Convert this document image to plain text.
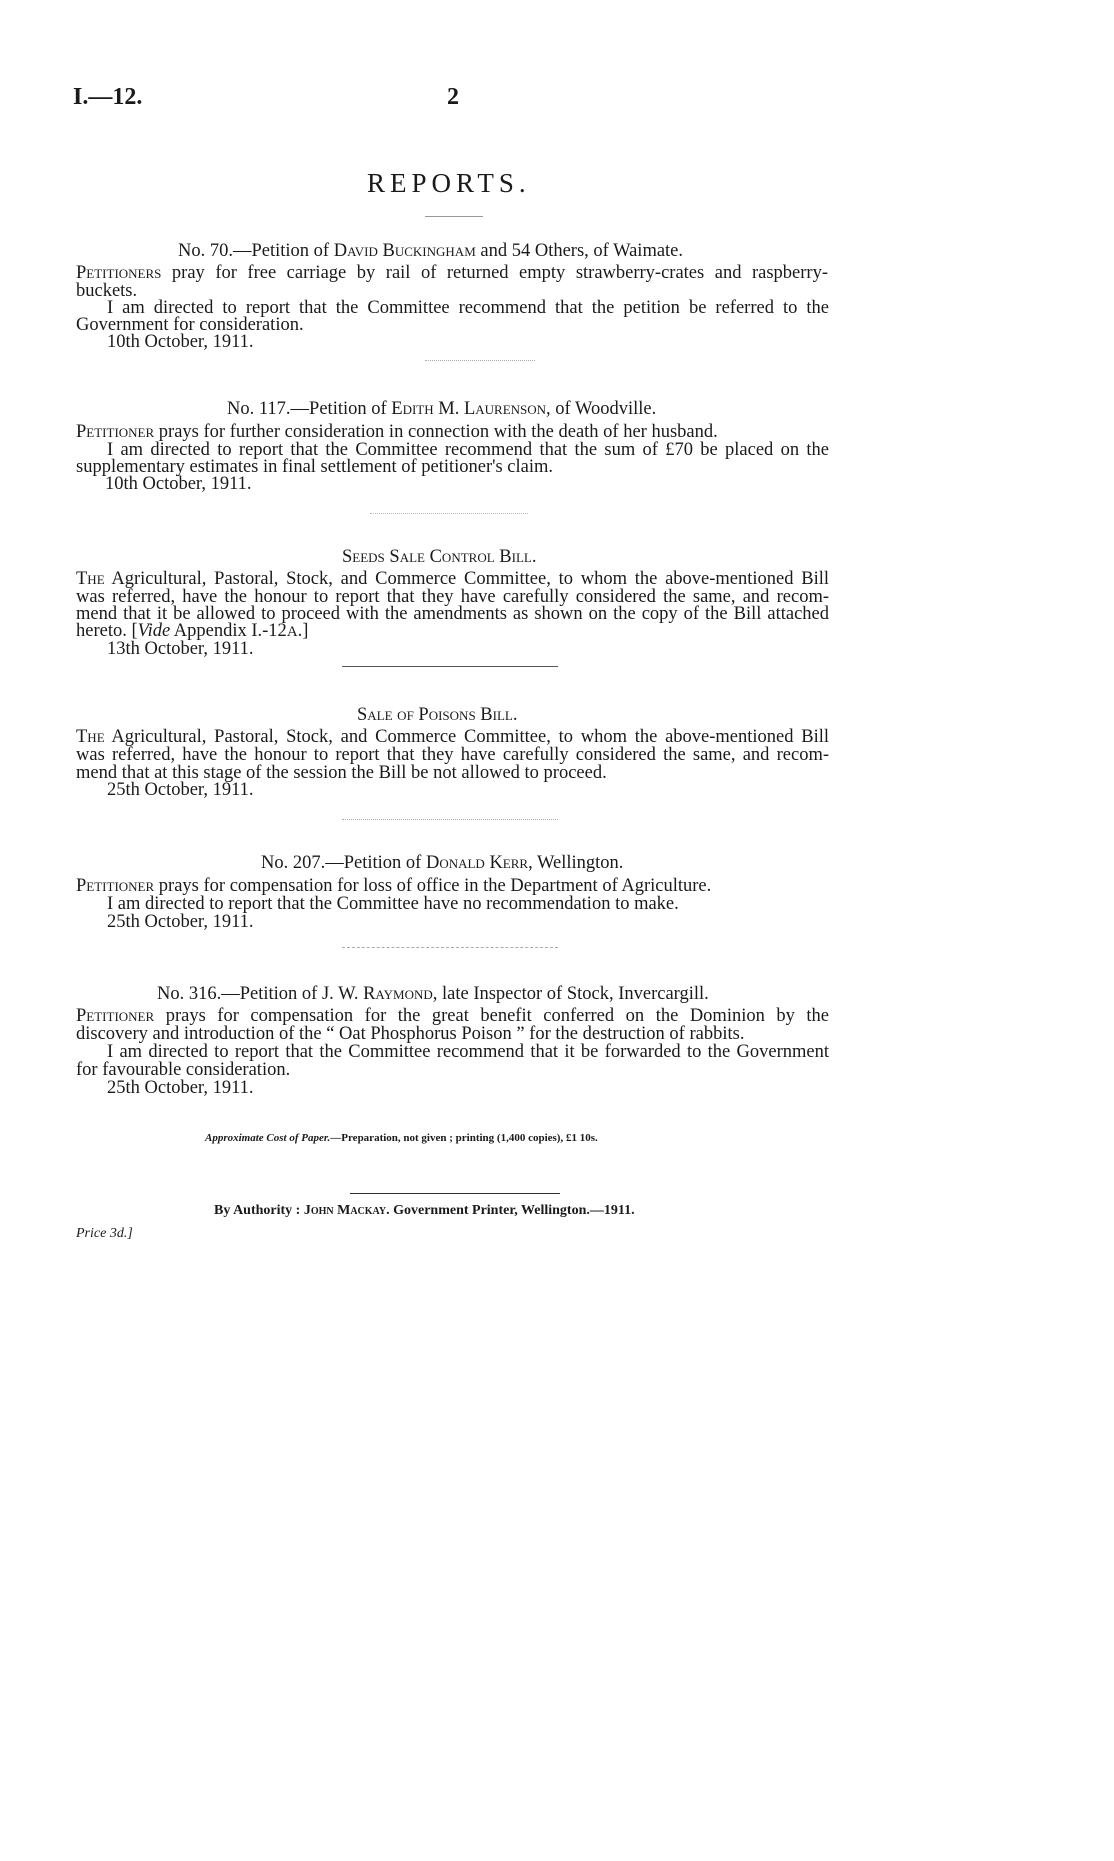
I.—12.	2
REPORTS.
No. 70.—Petition of David Buckingham and 54 Others, of Waimate.
Petitioners pray for free carriage by rail of returned empty strawberry-crates and raspberry-
buckets.
I am directed to report that the Committee recommend that the petition be referred to the
Government for consideration.
10th October, 1911.
No. 117.—Petition of Edith M. Laurenson, of Woodville.
Petitioner prays for further consideration in connection with the death of her husband.
I am directed to report that the Committee recommend that the sum of £70 be placed on the
supplementary estimates in final settlement of petitioner's claim.
10th October, 1911.
Seeds Sale Control Bill.
The Agricultural, Pastoral, Stock, and Commerce Committee, to whom the above-mentioned Bill
was referred, have the honour to report that they have carefully considered the same, and recom-
mend that it be allowed to proceed with the amendments as shown on the copy of the Bill attached
hereto. [Vide Appendix I.-12A.]
13th October, 1911.
Sale of Poisons Bill.
The Agricultural, Pastoral, Stock, and Commerce Committee, to whom the above-mentioned Bill
was referred, have the honour to report that they have carefully considered the same, and recom-
mend that at this stage of the session the Bill be not allowed to proceed.
25th October, 1911.
No. 207.—Petition of Donald Kerr, Wellington.
Petitioner prays for compensation for loss of office in the Department of Agriculture.
I am directed to report that the Committee have no recommendation to make.
25th October, 1911.
No. 316.—Petition of J. W. Raymond, late Inspector of Stock, Invercargill.
Petitioner prays for compensation for the great benefit conferred on the Dominion by the
discovery and introduction of the “ Oat Phosphorus Poison ” for the destruction of rabbits.
I am directed to report that the Committee recommend that it be forwarded to the Government
for favourable consideration.
25th October, 1911.
Approximate Cost of Paper.—Preparation, not given ; printing (1,400 copies), £1 10s.
By Authority : John Mackay. Government Printer, Wellington.—1911.
Price 3d.]
